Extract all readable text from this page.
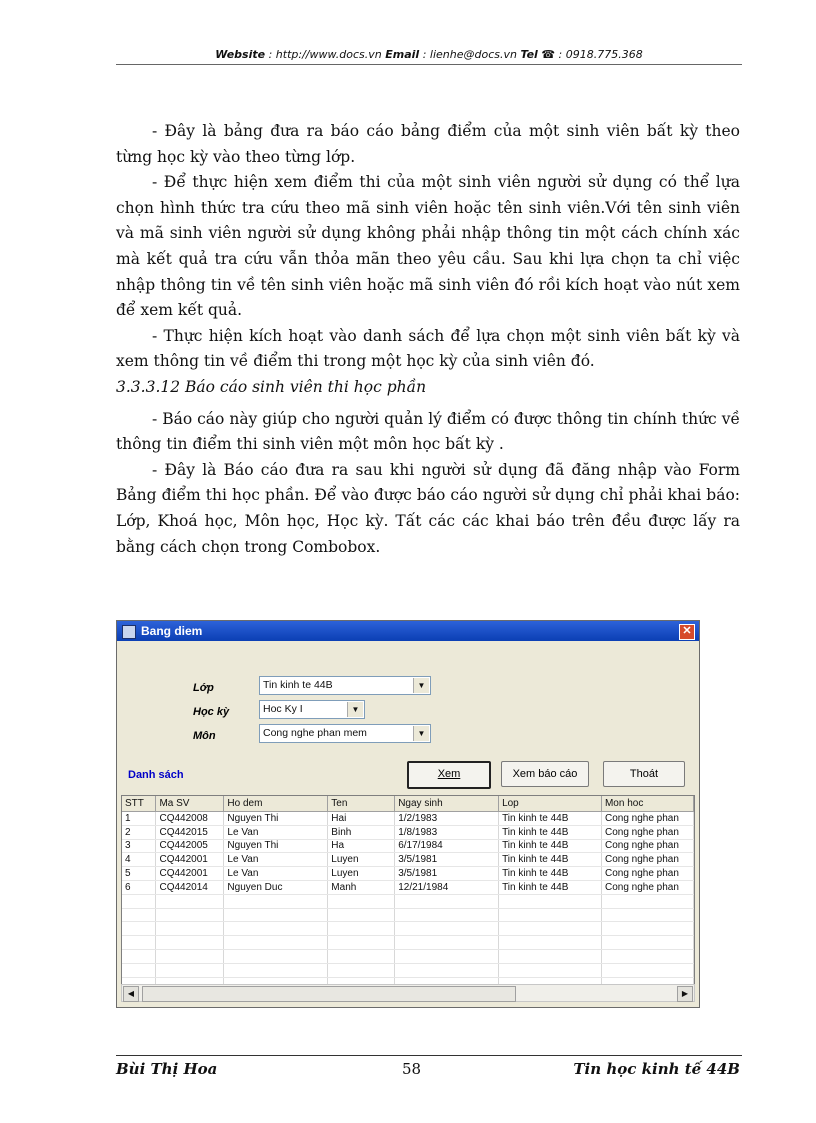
Website : http://www.docs.vn Email : lienhe@docs.vn Tel ☎ : 0918.775.368

- Đây là bảng đưa ra báo cáo bảng điểm của một sinh viên bất kỳ theo từng học kỳ vào theo từng lớp.

- Để thực hiện xem điểm thi của một sinh viên người sử dụng có thể lựa chọn hình thức tra cứu theo mã sinh viên hoặc tên sinh viên.Với tên sinh viên và mã sinh viên người sử dụng không phải nhập thông tin một cách chính xác mà kết quả tra cứu vẫn thỏa mãn theo yêu cầu. Sau khi lựa chọn ta chỉ việc nhập thông tin về tên sinh viên hoặc mã sinh viên đó rồi kích hoạt vào nút xem để xem kết quả.

- Thực hiện kích hoạt vào danh sách để lựa chọn một sinh viên bất kỳ và xem thông tin về điểm thi trong một học kỳ của sinh viên đó.

3.3.3.12 Báo cáo sinh viên thi học phần

- Báo cáo này giúp cho người quản lý điểm có được thông tin chính thức về thông tin điểm thi sinh viên một môn học bất kỳ .

- Đây là Báo cáo đưa ra sau khi người sử dụng đã đăng nhập vào Form Bảng điểm thi học phần. Để vào được báo cáo người sử dụng chỉ phải khai báo: Lớp, Khoá học, Môn học, Học kỳ. Tất các các khai báo trên đều được lấy ra bằng cách chọn trong Combobox.

Bang diem	✕
Lớp	Tin kinh te 44B	▼
Học kỳ	Hoc Ky I	▼
Môn	Cong nghe phan mem	▼
Danh sách	Xem	Xem báo cáo	Thoát
STT	Ma SV	Ho dem	Ten	Ngay sinh	Lop	Mon hoc
1	CQ442008	Nguyen Thi	Hai	1/2/1983	Tin kinh te 44B	Cong nghe phan
2	CQ442015	Le Van	Binh	1/8/1983	Tin kinh te 44B	Cong nghe phan
3	CQ442005	Nguyen Thi	Ha	6/17/1984	Tin kinh te 44B	Cong nghe phan
4	CQ442001	Le Van	Luyen	3/5/1981	Tin kinh te 44B	Cong nghe phan
5	CQ442001	Le Van	Luyen	3/5/1981	Tin kinh te 44B	Cong nghe phan
6	CQ442014	Nguyen Duc	Manh	12/21/1984	Tin kinh te 44B	Cong nghe phan

◀	▶
Bùi Thị Hoa	58	Tin học kinh tế 44B
